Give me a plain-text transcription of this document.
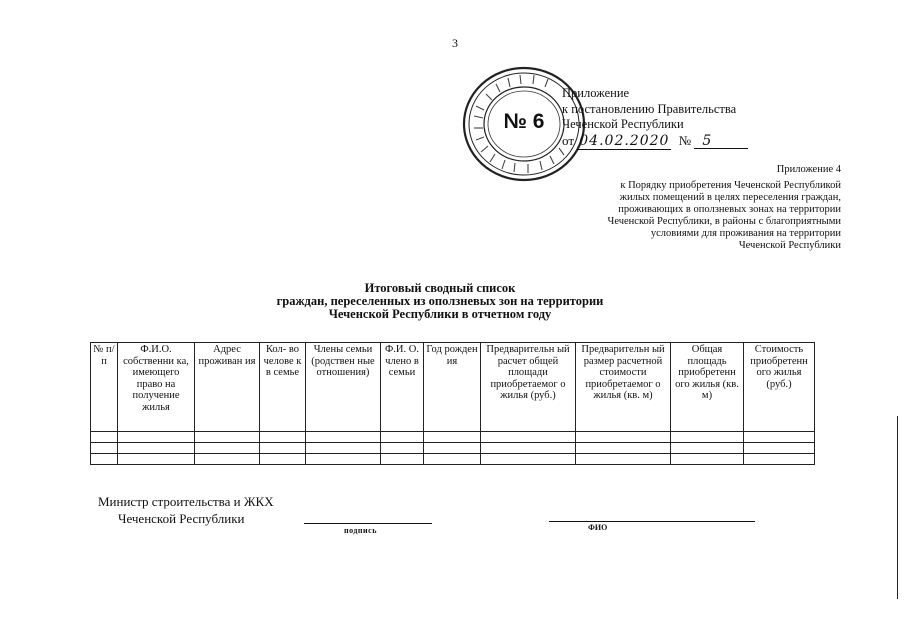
3
№ 6
Приложение
к постановлению Правительства
Чеченской Республики
от 04.02.2020 № 5
Приложение 4
к Порядку приобретения Чеченской Республикой
жилых помещений в целях переселения граждан,
проживающих в оползневых зонах на территории
Чеченской Республики, в районы с благоприятными
условиями для проживания на территории
Чеченской Республики
Итоговый сводный список
граждан, переселенных из оползневых зон на территории
Чеченской Республики в отчетном году
№ п/п	Ф.И.О. собственни ка, имеющего право на получение жилья	Адрес проживан ия	Кол- во челове к в семье	Члены семьи (родствен ные отношения)	Ф.И. О. члено в семьи	Год рожден ия	Предварительн ый расчет общей площади приобретаемог о жилья (руб.)	Предварительн ый размер расчетной стоимости приобретаемог о жилья (кв. м)	Общая площадь приобретенн ого жилья (кв. м)	Стоимость приобретенн ого жилья (руб.)

Министр строительства и ЖКХ
Чеченской Республики
подпись	ФИО
